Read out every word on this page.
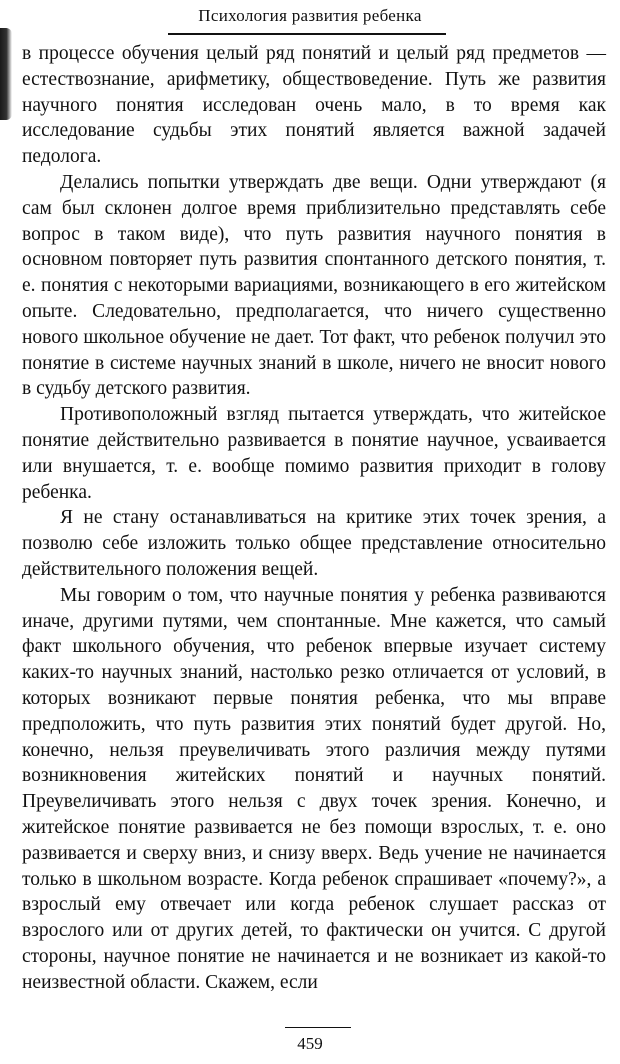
Психология развития ребенка

в процессе обучения целый ряд понятий и целый ряд предметов — естествознание, арифметику, обществоведение. Путь же развития научного понятия исследован очень мало, в то время как исследование судьбы этих понятий является важной задачей педолога.

Делались попытки утверждать две вещи. Одни утверждают (я сам был склонен долгое время приблизительно представлять себе вопрос в таком виде), что путь развития научного понятия в основном повторяет путь развития спонтанного детского понятия, т. е. понятия с некоторыми вариациями, возникающего в его житейском опыте. Следовательно, предполагается, что ничего существенно нового школьное обучение не дает. Тот факт, что ребенок получил это понятие в системе научных знаний в школе, ничего не вносит нового в судьбу детского развития.

Противоположный взгляд пытается утверждать, что житейское понятие действительно развивается в понятие научное, усваивается или внушается, т. е. вообще помимо развития приходит в голову ребенка.

Я не стану останавливаться на критике этих точек зрения, а позволю себе изложить только общее представление относительно действительного положения вещей.

Мы говорим о том, что научные понятия у ребенка развиваются иначе, другими путями, чем спонтанные. Мне кажется, что самый факт школьного обучения, что ребенок впервые изучает систему каких-то научных знаний, настолько резко отличается от условий, в которых возникают первые понятия ребенка, что мы вправе предположить, что путь развития этих понятий будет другой. Но, конечно, нельзя преувеличивать этого различия между путями возникновения житейских понятий и научных понятий. Преувеличивать этого нельзя с двух точек зрения. Конечно, и житейское понятие развивается не без помощи взрослых, т. е. оно развивается и сверху вниз, и снизу вверх. Ведь учение не начинается только в школьном возрасте. Когда ребенок спрашивает «почему?», а взрослый ему отвечает или когда ребенок слушает рассказ от взрослого или от других детей, то фактически он учится. С другой стороны, научное понятие не начинается и не возникает из какой-то неизвестной области. Скажем, если

459
